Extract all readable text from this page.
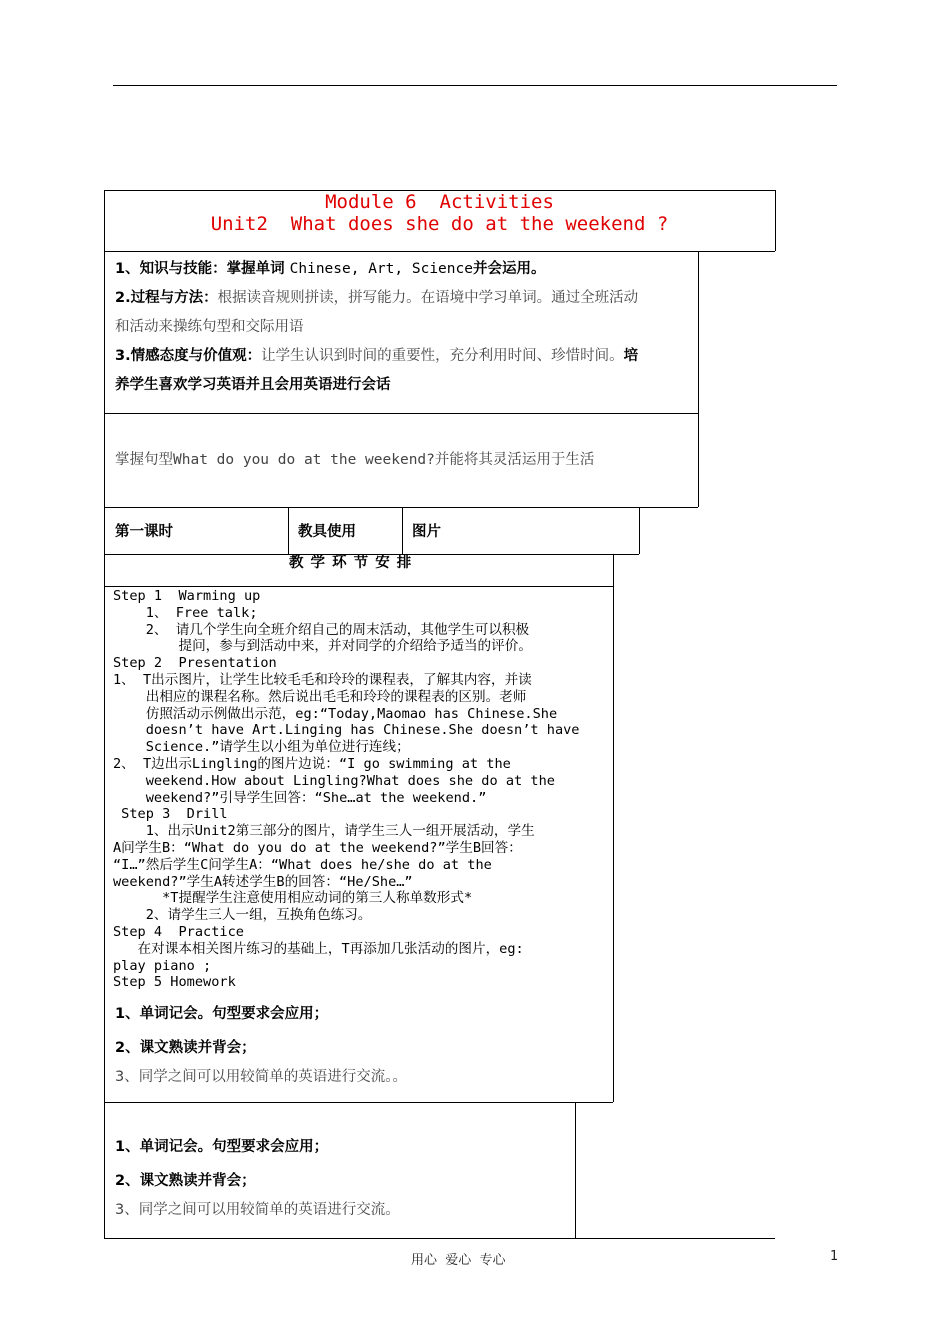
Module 6  Activities
Unit2  What does she do at the weekend ?
1、知识与技能：掌握单词 Chinese, Art, Science并会运用。
2.过程与方法：根据读音规则拼读，拼写能力。在语境中学习单词。通过全班活动
和活动来操练句型和交际用语
3.情感态度与价值观：让学生认识到时间的重要性，充分利用时间、珍惜时间。培
养学生喜欢学习英语并且会用英语进行会话
掌握句型What do you do at the weekend?并能将其灵活运用于生活
第一课时	教具使用	图片
教 学 环 节 安 排
Step 1  Warming up
1、 Free talk;
2、 请几个学生向全班介绍自己的周末活动，其他学生可以积极
提问，参与到活动中来，并对同学的介绍给予适当的评价。
Step 2  Presentation
1、 T出示图片，让学生比较毛毛和玲玲的课程表，了解其内容，并读
出相应的课程名称。然后说出毛毛和玲玲的课程表的区别。老师
仿照活动示例做出示范，eg:“Today,Maomao has Chinese.She
doesn’t have Art.Linging has Chinese.She doesn’t have
Science.”请学生以小组为单位进行连线；
2、 T边出示Lingling的图片边说：“I go swimming at the
weekend.How about Lingling?What does she do at the
weekend?”引导学生回答：“She…at the weekend.”
Step 3  Drill
1、出示Unit2第三部分的图片，请学生三人一组开展活动，学生
A问学生B：“What do you do at the weekend?”学生B回答：
“I…”然后学生C问学生A：“What does he/she do at the
weekend?”学生A转述学生B的回答：“He/She…”
*T提醒学生注意使用相应动词的第三人称单数形式*
2、请学生三人一组，互换角色练习。
Step 4  Practice
在对课本相关图片练习的基础上，T再添加几张活动的图片，eg:
play piano ;
Step 5 Homework
1、单词记会。句型要求会应用；
2、课文熟读并背会；
3、同学之间可以用较简单的英语进行交流。。
1、单词记会。句型要求会应用；
2、课文熟读并背会；
3、同学之间可以用较简单的英语进行交流。
用心  爱心  专心	1
